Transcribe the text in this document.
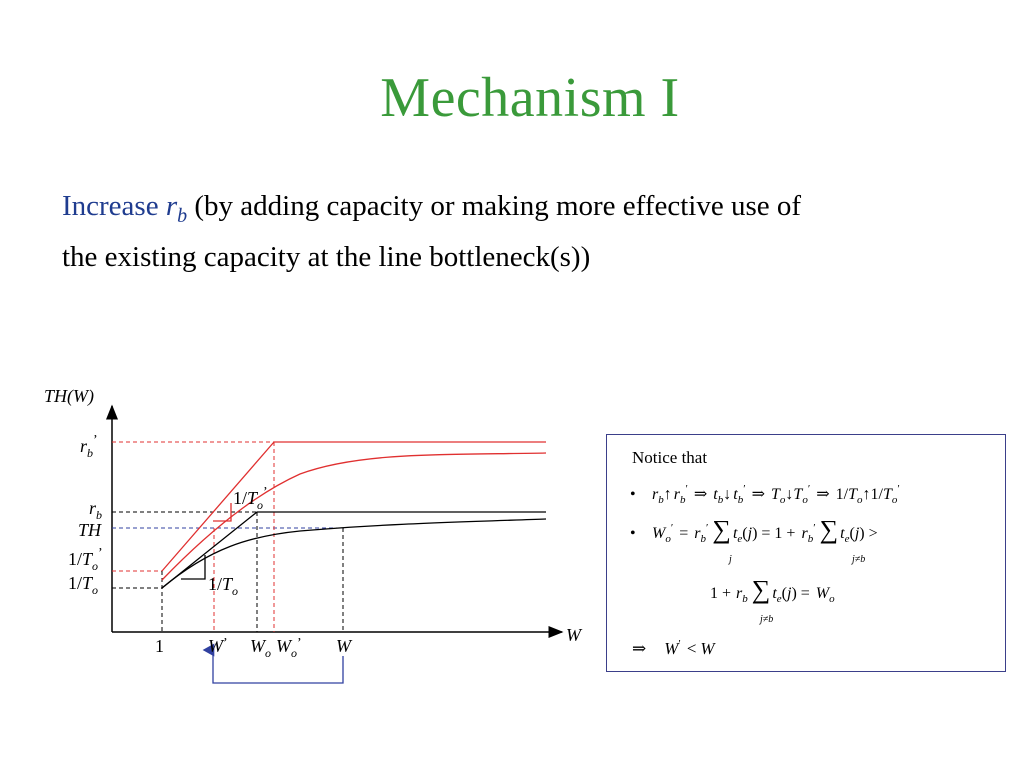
Mechanism I
Increase $r_b$ (by adding capacity or making more effective use of
the existing capacity at the line bottleneck(s))
TH(W)
W
$r_b^’$
$r_b$
TH
$1/T_o^’$
$1/T_o$
1 W’ $W_o$ $W_o^’$ W
$1/T_o^’$
$1/T_o$
Notice that
• $r_b↑$ $r_b'$ ⇒ $t_b↓$ $t_b'$ ⇒ $T_o↓T_o'$ ⇒ $1/T_o↑1/T_o'$
• $W_o' = r_b'$ ∑ $t_e(j) = 1 + r_b'$ ∑ $t_e(j)$ >
j	j≠b
$1 + r_b$ ∑ $t_e(j) = W_o$
j≠b
⇒ W′ < W
